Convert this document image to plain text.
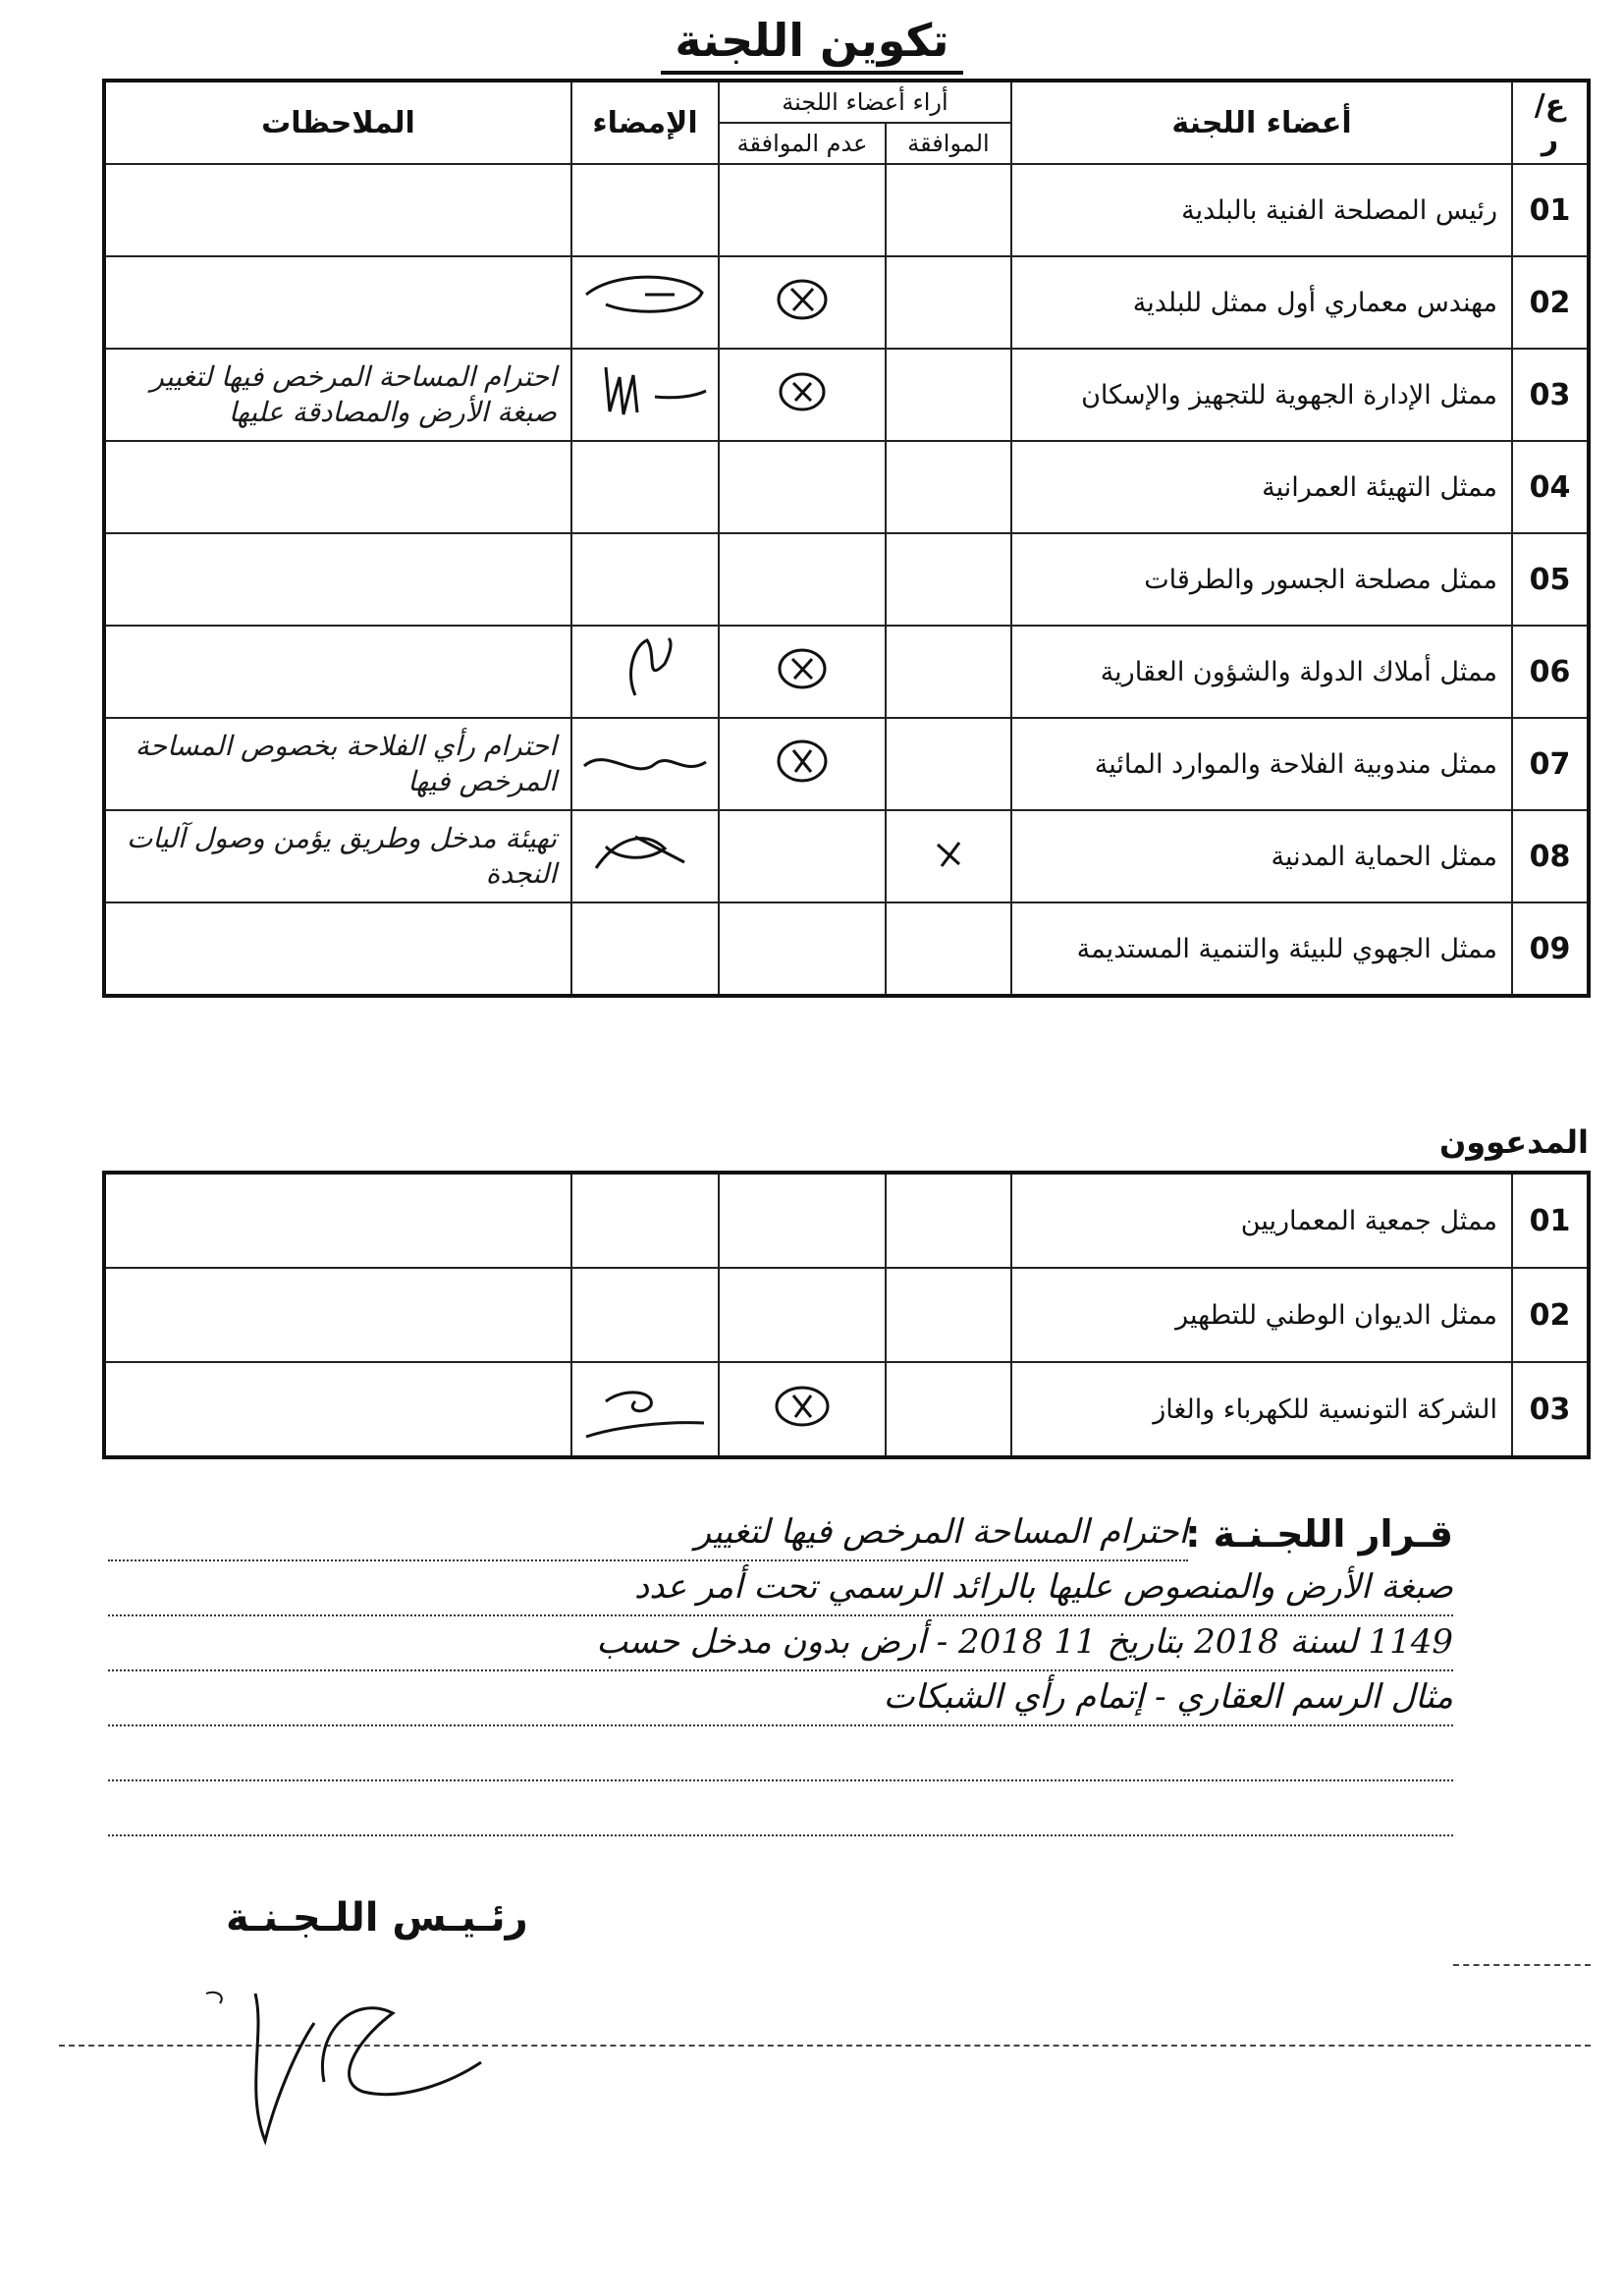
تكوين اللجنة
ع/ر	أعضاء اللجنة	أراء أعضاء اللجنة		الإمضاء	الملاحظات
		الموافقة	عدم الموافقة		
01	رئيس المصلحة الفنية بالبلدية				
02	مهندس معماري أول ممثل للبلدية				
03	ممثل الإدارة الجهوية للتجهيز والإسكان				احترام المساحة المرخص فيها لتغيير صبغة الأرض والمصادقة عليها
04	ممثل التهيئة العمرانية				
05	ممثل مصلحة الجسور والطرقات				
06	ممثل أملاك الدولة والشؤون العقارية				
07	ممثل مندوبية الفلاحة والموارد المائية				احترام رأي الفلاحة بخصوص المساحة المرخص فيها
08	ممثل الحماية المدنية				تهيئة مدخل وطريق يؤمن وصول آليات النجدة
09	ممثل الجهوي للبيئة والتنمية المستديمة				
المدعوون
01	ممثل جمعية المعماريين				
02	ممثل الديوان الوطني للتطهير				
03	الشركة التونسية للكهرباء والغاز				
قـرار اللجـنـة :
احترام المساحة المرخص فيها لتغيير
صبغة الأرض والمنصوص عليها بالرائد الرسمي تحت أمر عدد
1149 لسنة 2018 بتاريخ 11 2018 - أرض بدون مدخل حسب
مثال الرسم العقاري - إتمام رأي الشبكات
رئـيـس اللـجـنـة
